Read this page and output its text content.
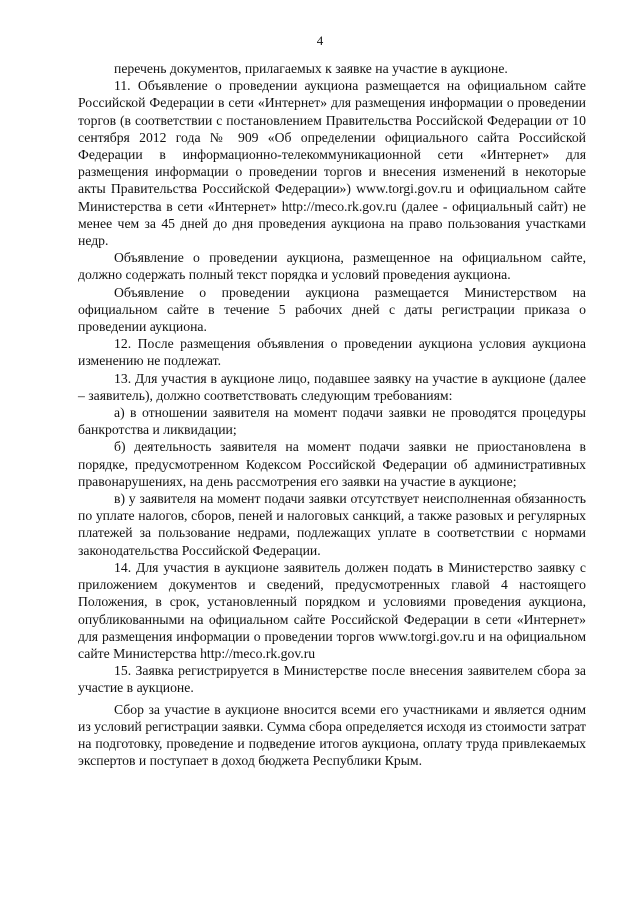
4

перечень документов, прилагаемых к заявке на участие в аукционе.

11. Объявление о проведении аукциона размещается на официальном сайте Российской Федерации в сети «Интернет» для размещения информации о проведении торгов (в соответствии с постановлением Правительства Российской Федерации от 10 сентября 2012 года № 909 «Об определении официального сайта Российской Федерации в информационно-телекоммуникационной сети «Интернет» для размещения информации о проведении торгов и внесения изменений в некоторые акты Правительства Российской Федерации») www.torgi.gov.ru и официальном сайте Министерства в сети «Интернет» http://meco.rk.gov.ru (далее - официальный сайт) не менее чем за 45 дней до дня проведения аукциона на право пользования участками недр.

Объявление о проведении аукциона, размещенное на официальном сайте, должно содержать полный текст порядка и условий проведения аукциона.

Объявление о проведении аукциона размещается Министерством на официальном сайте в течение 5 рабочих дней с даты регистрации приказа о проведении аукциона.

12. После размещения объявления о проведении аукциона условия аукциона изменению не подлежат.

13. Для участия в аукционе лицо, подавшее заявку на участие в аукционе (далее – заявитель), должно соответствовать следующим требованиям:

а) в отношении заявителя на момент подачи заявки не проводятся процедуры банкротства и ликвидации;

б) деятельность заявителя на момент подачи заявки не приостановлена в порядке, предусмотренном Кодексом Российской Федерации об административных правонарушениях, на день рассмотрения его заявки на участие в аукционе;

в) у заявителя на момент подачи заявки отсутствует неисполненная обязанность по уплате налогов, сборов, пеней и налоговых санкций, а также разовых и регулярных платежей за пользование недрами, подлежащих уплате в соответствии с нормами законодательства Российской Федерации.

14. Для участия в аукционе заявитель должен подать в Министерство заявку с приложением документов и сведений, предусмотренных главой 4 настоящего Положения, в срок, установленный порядком и условиями проведения аукциона, опубликованными на официальном сайте Российской Федерации в сети «Интернет» для размещения информации о проведении торгов www.torgi.gov.ru и на официальном сайте Министерства http://meco.rk.gov.ru

15. Заявка регистрируется в Министерстве после внесения заявителем сбора за участие в аукционе.

Сбор за участие в аукционе вносится всеми его участниками и является одним из условий регистрации заявки. Сумма сбора определяется исходя из стоимости затрат на подготовку, проведение и подведение итогов аукциона, оплату труда привлекаемых экспертов и поступает в доход бюджета Республики Крым.
